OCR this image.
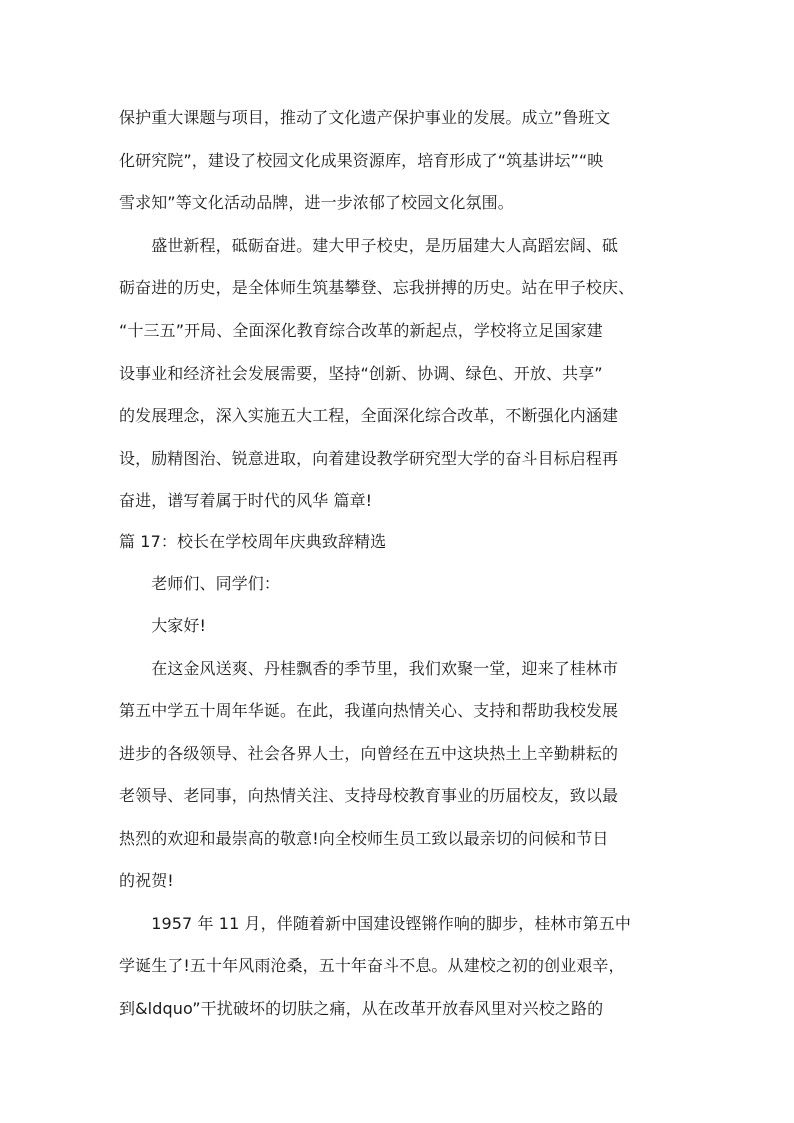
保护重大课题与项目，推动了文化遗产保护事业的发展。成立”鲁班文
化研究院”，建设了校园文化成果资源库，培育形成了“筑基讲坛”“映
雪求知”等文化活动品牌，进一步浓郁了校园文化氛围。
　　盛世新程，砥砺奋进。建大甲子校史，是历届建大人高蹈宏阔、砥
砺奋进的历史，是全体师生筑基攀登、忘我拼搏的历史。站在甲子校庆、
“十三五”开局、全面深化教育综合改革的新起点，学校将立足国家建
设事业和经济社会发展需要，坚持“创新、协调、绿色、开放、共享”
的发展理念，深入实施五大工程，全面深化综合改革，不断强化内涵建
设，励精图治、锐意进取，向着建设教学研究型大学的奋斗目标启程再
奋进，谱写着属于时代的风华 篇章!
篇 17：校长在学校周年庆典致辞精选
　　老师们、同学们：
　　大家好!
　　在这金风送爽、丹桂飘香的季节里，我们欢聚一堂，迎来了桂林市
第五中学五十周年华诞。在此，我谨向热情关心、支持和帮助我校发展
进步的各级领导、社会各界人士，向曾经在五中这块热土上辛勤耕耘的
老领导、老同事，向热情关注、支持母校教育事业的历届校友，致以最
热烈的欢迎和最崇高的敬意!向全校师生员工致以最亲切的问候和节日
的祝贺!
　　1957 年 11 月，伴随着新中国建设铿锵作响的脚步，桂林市第五中
学诞生了!五十年风雨沧桑，五十年奋斗不息。从建校之初的创业艰辛，
到&ldquo”干扰破坏的切肤之痛，从在改革开放春风里对兴校之路的
